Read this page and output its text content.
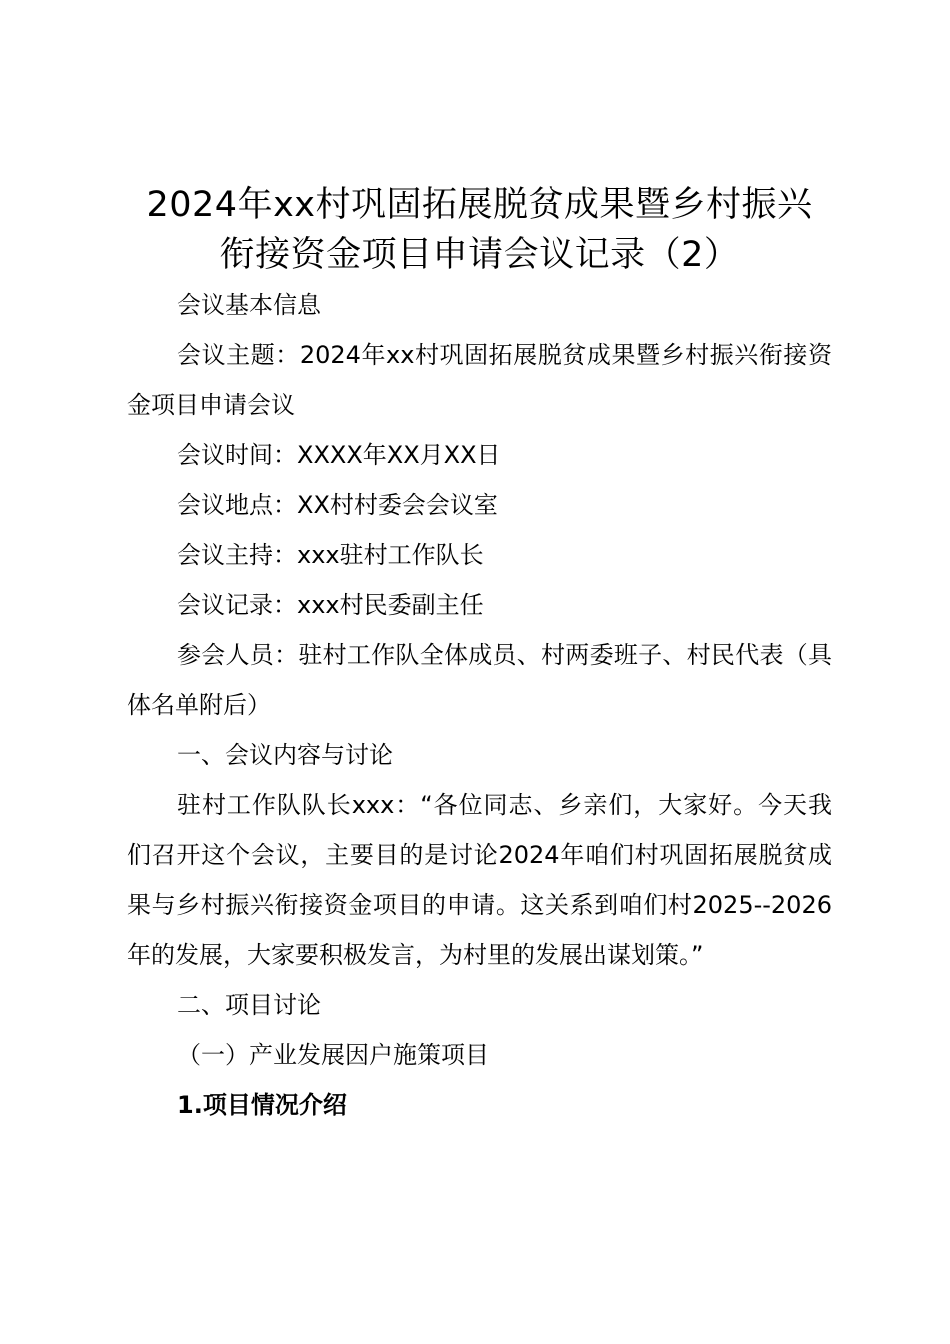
2024年xx村巩固拓展脱贫成果暨乡村振兴
衔接资金项目申请会议记录（2）

会议基本信息

会议主题：2024年xx村巩固拓展脱贫成果暨乡村振兴衔接资金项目申请会议

会议时间：XXXX年XX月XX日

会议地点：XX村村委会会议室

会议主持：xxx驻村工作队长

会议记录：xxx村民委副主任

参会人员：驻村工作队全体成员、村两委班子、村民代表（具体名单附后）

一、会议内容与讨论

驻村工作队队长xxx：“各位同志、乡亲们，大家好。今天我们召开这个会议，主要目的是讨论2024年咱们村巩固拓展脱贫成果与乡村振兴衔接资金项目的申请。这关系到咱们村2025--2026年的发展，大家要积极发言，为村里的发展出谋划策。”

二、项目讨论

（一）产业发展因户施策项目

1.项目情况介绍
